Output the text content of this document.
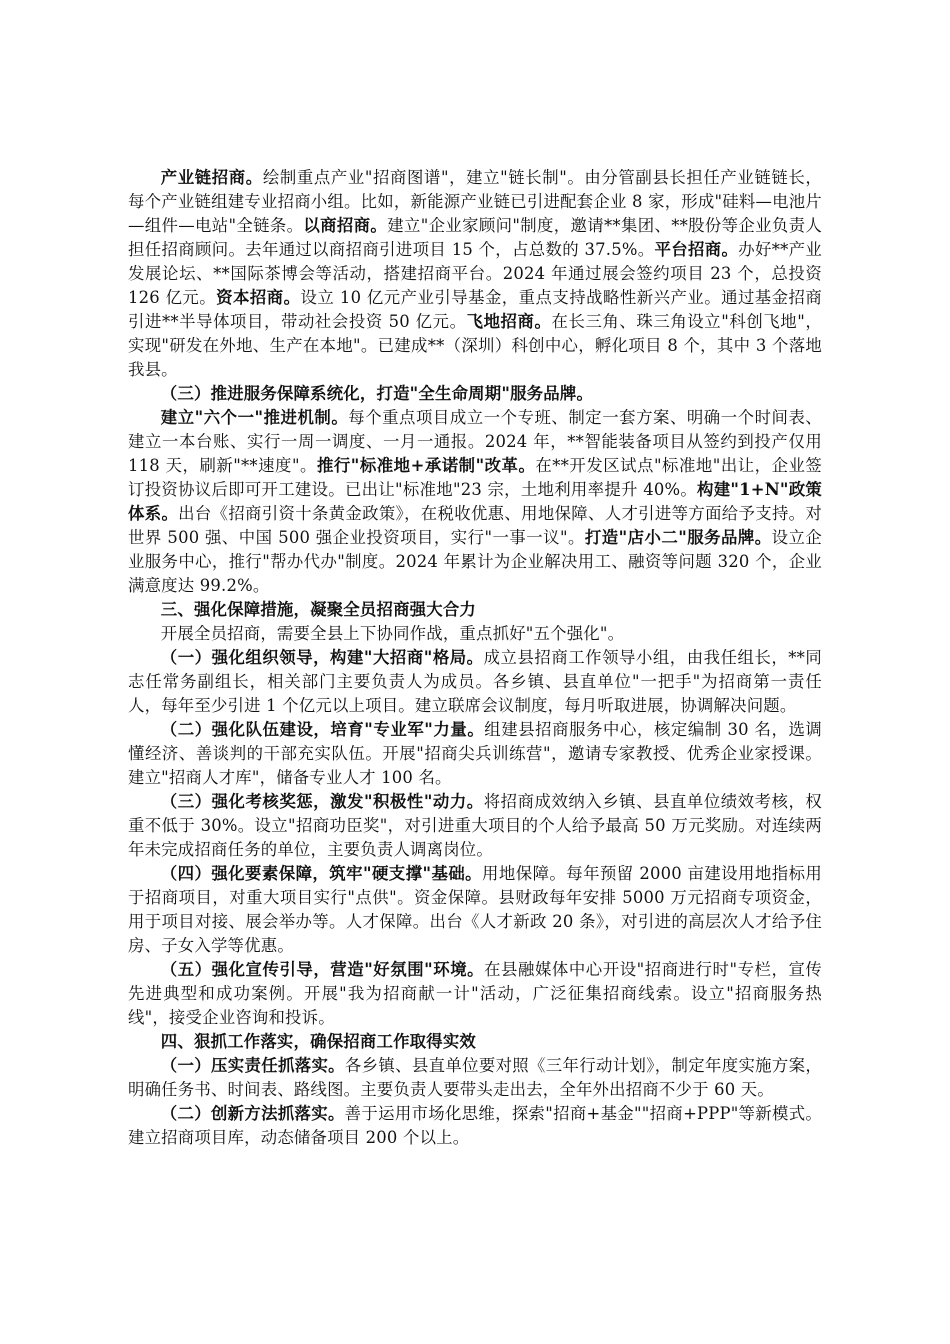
产业链招商。绘制重点产业"招商图谱"，建立"链长制"。由分管副县长担任产业链链长，每个产业链组建专业招商小组。比如，新能源产业链已引进配套企业 8 家，形成"硅料—电池片—组件—电站"全链条。以商招商。建立"企业家顾问"制度，邀请**集团、**股份等企业负责人担任招商顾问。去年通过以商招商引进项目 15 个，占总数的 37.5%。平台招商。办好**产业发展论坛、**国际茶博会等活动，搭建招商平台。2024 年通过展会签约项目 23 个，总投资 126 亿元。资本招商。设立 10 亿元产业引导基金，重点支持战略性新兴产业。通过基金招商引进**半导体项目，带动社会投资 50 亿元。飞地招商。在长三角、珠三角设立"科创飞地"，实现"研发在外地、生产在本地"。已建成**（深圳）科创中心，孵化项目 8 个，其中 3 个落地我县。

（三）推进服务保障系统化，打造"全生命周期"服务品牌。

建立"六个一"推进机制。每个重点项目成立一个专班、制定一套方案、明确一个时间表、建立一本台账、实行一周一调度、一月一通报。2024 年，**智能装备项目从签约到投产仅用 118 天，刷新"**速度"。推行"标准地+承诺制"改革。在**开发区试点"标准地"出让，企业签订投资协议后即可开工建设。已出让"标准地"23 宗，土地利用率提升 40%。构建"1+N"政策体系。出台《招商引资十条黄金政策》，在税收优惠、用地保障、人才引进等方面给予支持。对世界 500 强、中国 500 强企业投资项目，实行"一事一议"。打造"店小二"服务品牌。设立企业服务中心，推行"帮办代办"制度。2024 年累计为企业解决用工、融资等问题 320 个，企业满意度达 99.2%。

三、强化保障措施，凝聚全员招商强大合力

开展全员招商，需要全县上下协同作战，重点抓好"五个强化"。

（一）强化组织领导，构建"大招商"格局。成立县招商工作领导小组，由我任组长，**同志任常务副组长，相关部门主要负责人为成员。各乡镇、县直单位"一把手"为招商第一责任人，每年至少引进 1 个亿元以上项目。建立联席会议制度，每月听取进展，协调解决问题。

（二）强化队伍建设，培育"专业军"力量。组建县招商服务中心，核定编制 30 名，选调懂经济、善谈判的干部充实队伍。开展"招商尖兵训练营"，邀请专家教授、优秀企业家授课。建立"招商人才库"，储备专业人才 100 名。

（三）强化考核奖惩，激发"积极性"动力。将招商成效纳入乡镇、县直单位绩效考核，权重不低于 30%。设立"招商功臣奖"，对引进重大项目的个人给予最高 50 万元奖励。对连续两年未完成招商任务的单位，主要负责人调离岗位。

（四）强化要素保障，筑牢"硬支撑"基础。用地保障。每年预留 2000 亩建设用地指标用于招商项目，对重大项目实行"点供"。资金保障。县财政每年安排 5000 万元招商专项资金，用于项目对接、展会举办等。人才保障。出台《人才新政 20 条》，对引进的高层次人才给予住房、子女入学等优惠。

（五）强化宣传引导，营造"好氛围"环境。在县融媒体中心开设"招商进行时"专栏，宣传先进典型和成功案例。开展"我为招商献一计"活动，广泛征集招商线索。设立"招商服务热线"，接受企业咨询和投诉。

四、狠抓工作落实，确保招商工作取得实效

（一）压实责任抓落实。各乡镇、县直单位要对照《三年行动计划》，制定年度实施方案，明确任务书、时间表、路线图。主要负责人要带头走出去，全年外出招商不少于 60 天。

（二）创新方法抓落实。善于运用市场化思维，探索"招商+基金""招商+PPP"等新模式。建立招商项目库，动态储备项目 200 个以上。
